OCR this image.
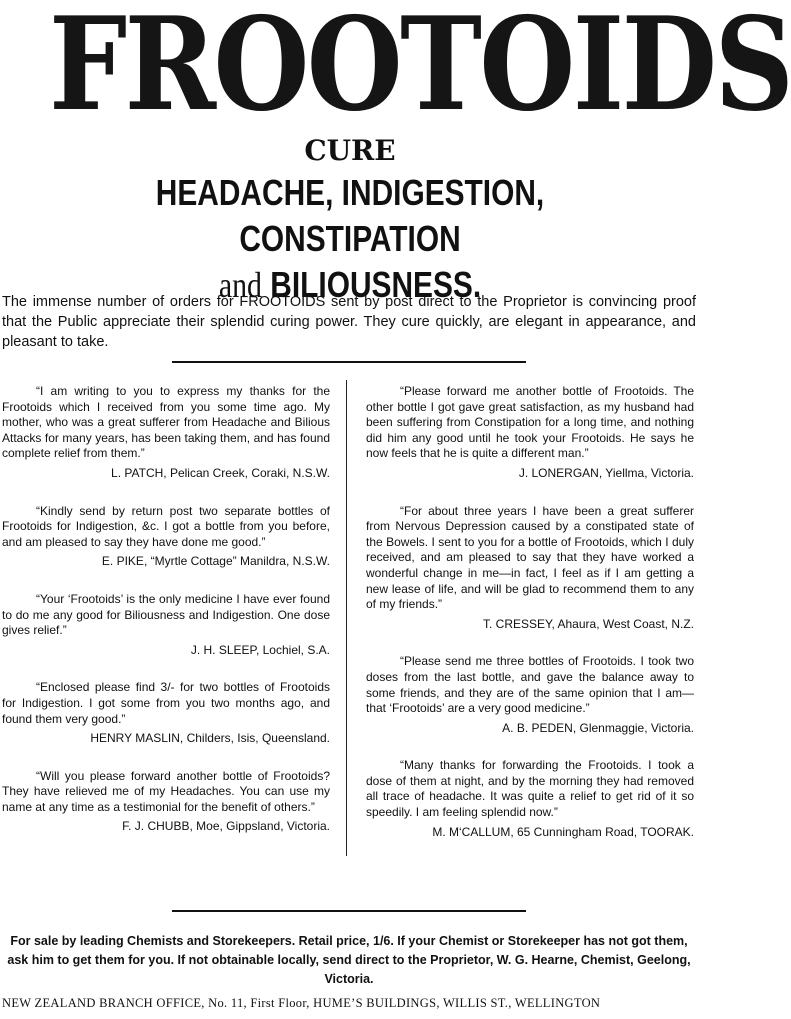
FROOTOIDS
CURE
HEADACHE, INDIGESTION, CONSTIPATION
and BILIOUSNESS.
The immense number of orders for FROOTOIDS sent by post direct to the Proprietor is convincing proof that the Public appreciate their splendid curing power. They cure quickly, are elegant in appearance, and pleasant to take.

“I am writing to you to express my thanks for the Frootoids which I received from you some time ago. My mother, who was a great sufferer from Headache and Bilious Attacks for many years, has been taking them, and has found complete relief from them.”

L. PATCH, Pelican Creek, Coraki, N.S.W.

“Kindly send by return post two separate bottles of Frootoids for Indigestion, &c. I got a bottle from you before, and am pleased to say they have done me good.”

E. PIKE, “Myrtle Cottage” Manildra, N.S.W.

“Your ‘Frootoids’ is the only medicine I have ever found to do me any good for Biliousness and Indigestion. One dose gives relief.”

J. H. SLEEP, Lochiel, S.A.

“Enclosed please find 3/- for two bottles of Frootoids for Indigestion. I got some from you two months ago, and found them very good.”

HENRY MASLIN, Childers, Isis, Queensland.

“Will you please forward another bottle of Frootoids? They have relieved me of my Headaches. You can use my name at any time as a testimonial for the benefit of others.”

F. J. CHUBB, Moe, Gippsland, Victoria.

“Please forward me another bottle of Frootoids. The other bottle I got gave great satisfaction, as my husband had been suffering from Constipation for a long time, and nothing did him any good until he took your Frootoids. He says he now feels that he is quite a different man.”

J. LONERGAN, Yiellma, Victoria.

“For about three years I have been a great sufferer from Nervous Depression caused by a constipated state of the Bowels. I sent to you for a bottle of Frootoids, which I duly received, and am pleased to say that they have worked a wonderful change in me—in fact, I feel as if I am getting a new lease of life, and will be glad to recommend them to any of my friends.”

T. CRESSEY, Ahaura, West Coast, N.Z.

“Please send me three bottles of Frootoids. I took two doses from the last bottle, and gave the balance away to some friends, and they are of the same opinion that I am—that ‘Frootoids’ are a very good medicine.”

A. B. PEDEN, Glenmaggie, Victoria.

“Many thanks for forwarding the Frootoids. I took a dose of them at night, and by the morning they had removed all trace of headache. It was quite a relief to get rid of it so speedily. I am feeling splendid now.”

M. M‘CALLUM, 65 Cunningham Road, TOORAK.

For sale by leading Chemists and Storekeepers. Retail price, 1/6. If your Chemist or Storekeeper has not got them, ask him to get them for you. If not obtainable locally, send direct to the Proprietor, W. G. Hearne, Chemist, Geelong, Victoria.
NEW ZEALAND BRANCH OFFICE, No. 11, First Floor, HUME’S BUILDINGS, WILLIS ST., WELLINGTON
